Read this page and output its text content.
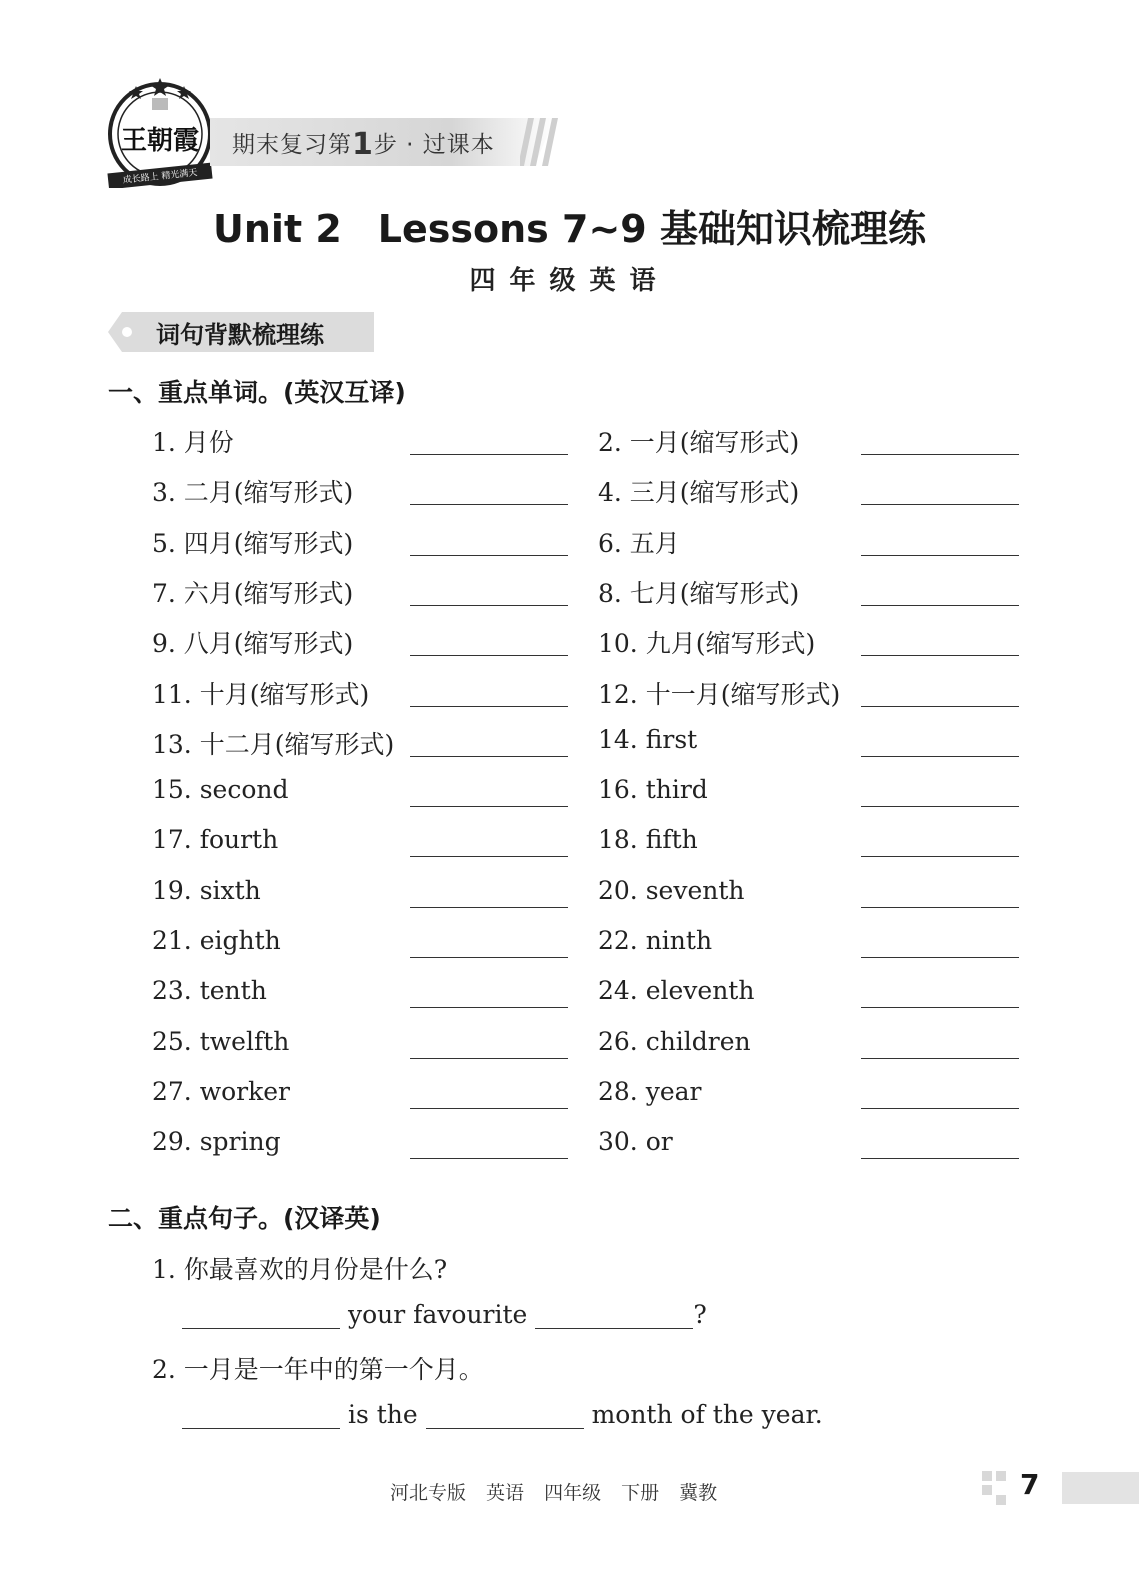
王朝霞
成长路上 精光满天
期末复习第1步 · 过课本
Unit 2 Lessons 7~9 基础知识梳理练
四年级英语
词句背默梳理练
一、重点单词。(英汉互译)
1. 月份	2. 一月(缩写形式)
3. 二月(缩写形式)	4. 三月(缩写形式)
5. 四月(缩写形式)	6. 五月
7. 六月(缩写形式)	8. 七月(缩写形式)
9. 八月(缩写形式)	10. 九月(缩写形式)
11. 十月(缩写形式)	12. 十一月(缩写形式)
13. 十二月(缩写形式)	14. first
15. second	16. third
17. fourth	18. fifth
19. sixth	20. seventh
21. eighth	22. ninth
23. tenth	24. eleventh
25. twelfth	26. children
27. worker	28. year
29. spring	30. or
二、重点句子。(汉译英)
1. 你最喜欢的月份是什么?
your favourite	?
2. 一月是一年中的第一个月。
is the	month of the year.
河北专版 英语 四年级 下册 冀教	7
